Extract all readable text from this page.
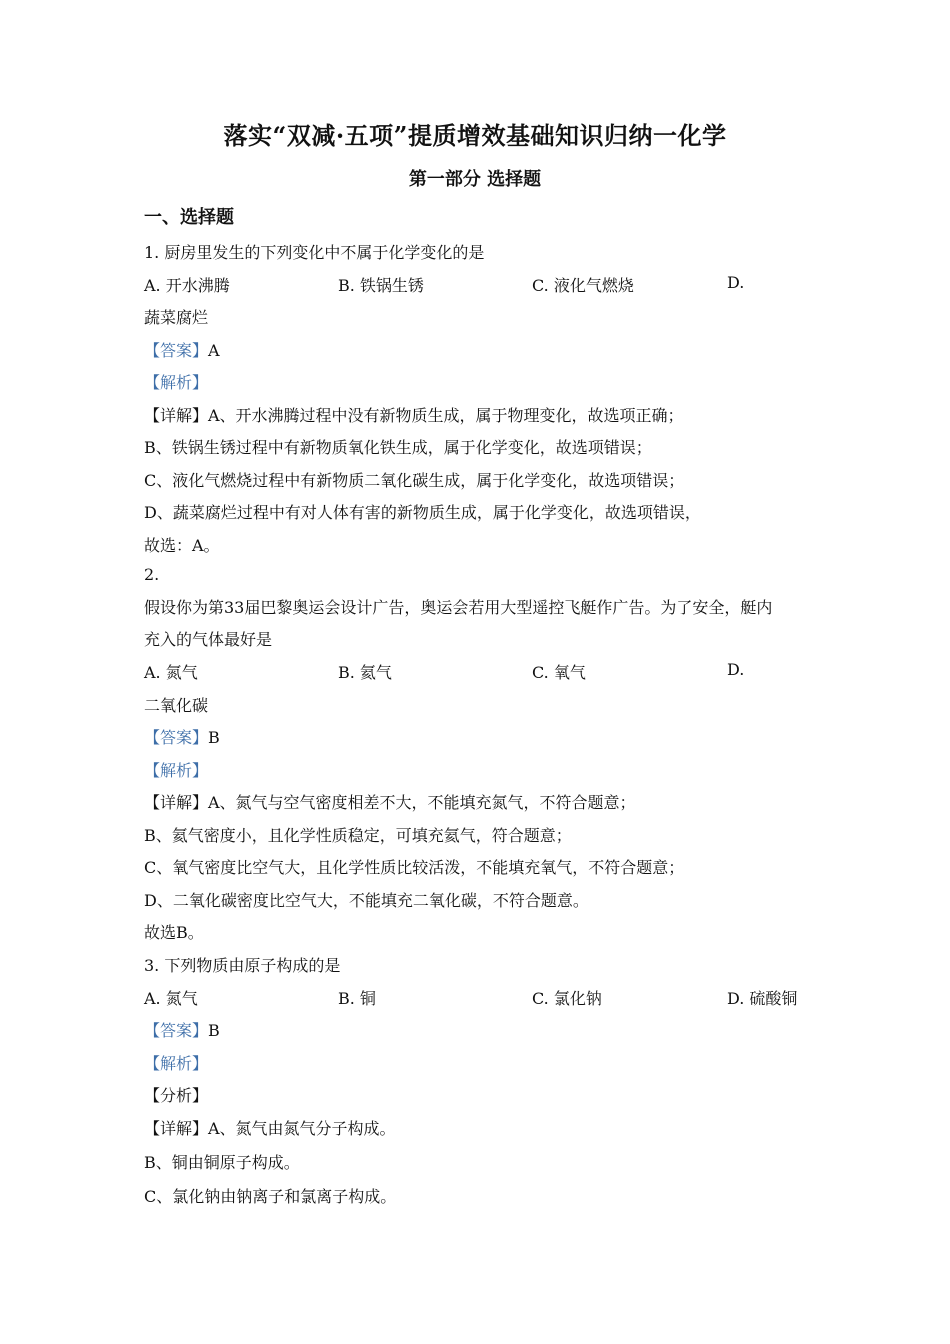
落实“双减·五项”提质增效基础知识归纳一化学
第一部分 选择题
一、选择题
1. 厨房里发生的下列变化中不属于化学变化的是
A. 开水沸腾	B. 铁锅生锈	C. 液化气燃烧	D.
蔬菜腐烂
【答案】A
【解析】
【详解】A、开水沸腾过程中没有新物质生成，属于物理变化，故选项正确；
B、铁锅生锈过程中有新物质氧化铁生成，属于化学变化，故选项错误；
C、液化气燃烧过程中有新物质二氧化碳生成，属于化学变化，故选项错误；
D、蔬菜腐烂过程中有对人体有害的新物质生成，属于化学变化，故选项错误，
故选：A。
2.
假设你为第33届巴黎奥运会设计广告，奥运会若用大型遥控飞艇作广告。为了安全，艇内
充入的气体最好是
A. 氮气	B. 氦气	C. 氧气	D.
二氧化碳
【答案】B
【解析】
【详解】A、氮气与空气密度相差不大，不能填充氮气，不符合题意；
B、氦气密度小，且化学性质稳定，可填充氦气，符合题意；
C、氧气密度比空气大，且化学性质比较活泼，不能填充氧气，不符合题意；
D、二氧化碳密度比空气大，不能填充二氧化碳，不符合题意。
故选B。
3. 下列物质由原子构成的是
A. 氮气	B. 铜	C. 氯化钠	D. 硫酸铜
【答案】B
【解析】
【分析】
【详解】A、氮气由氮气分子构成。
B、铜由铜原子构成。
C、氯化钠由钠离子和氯离子构成。
